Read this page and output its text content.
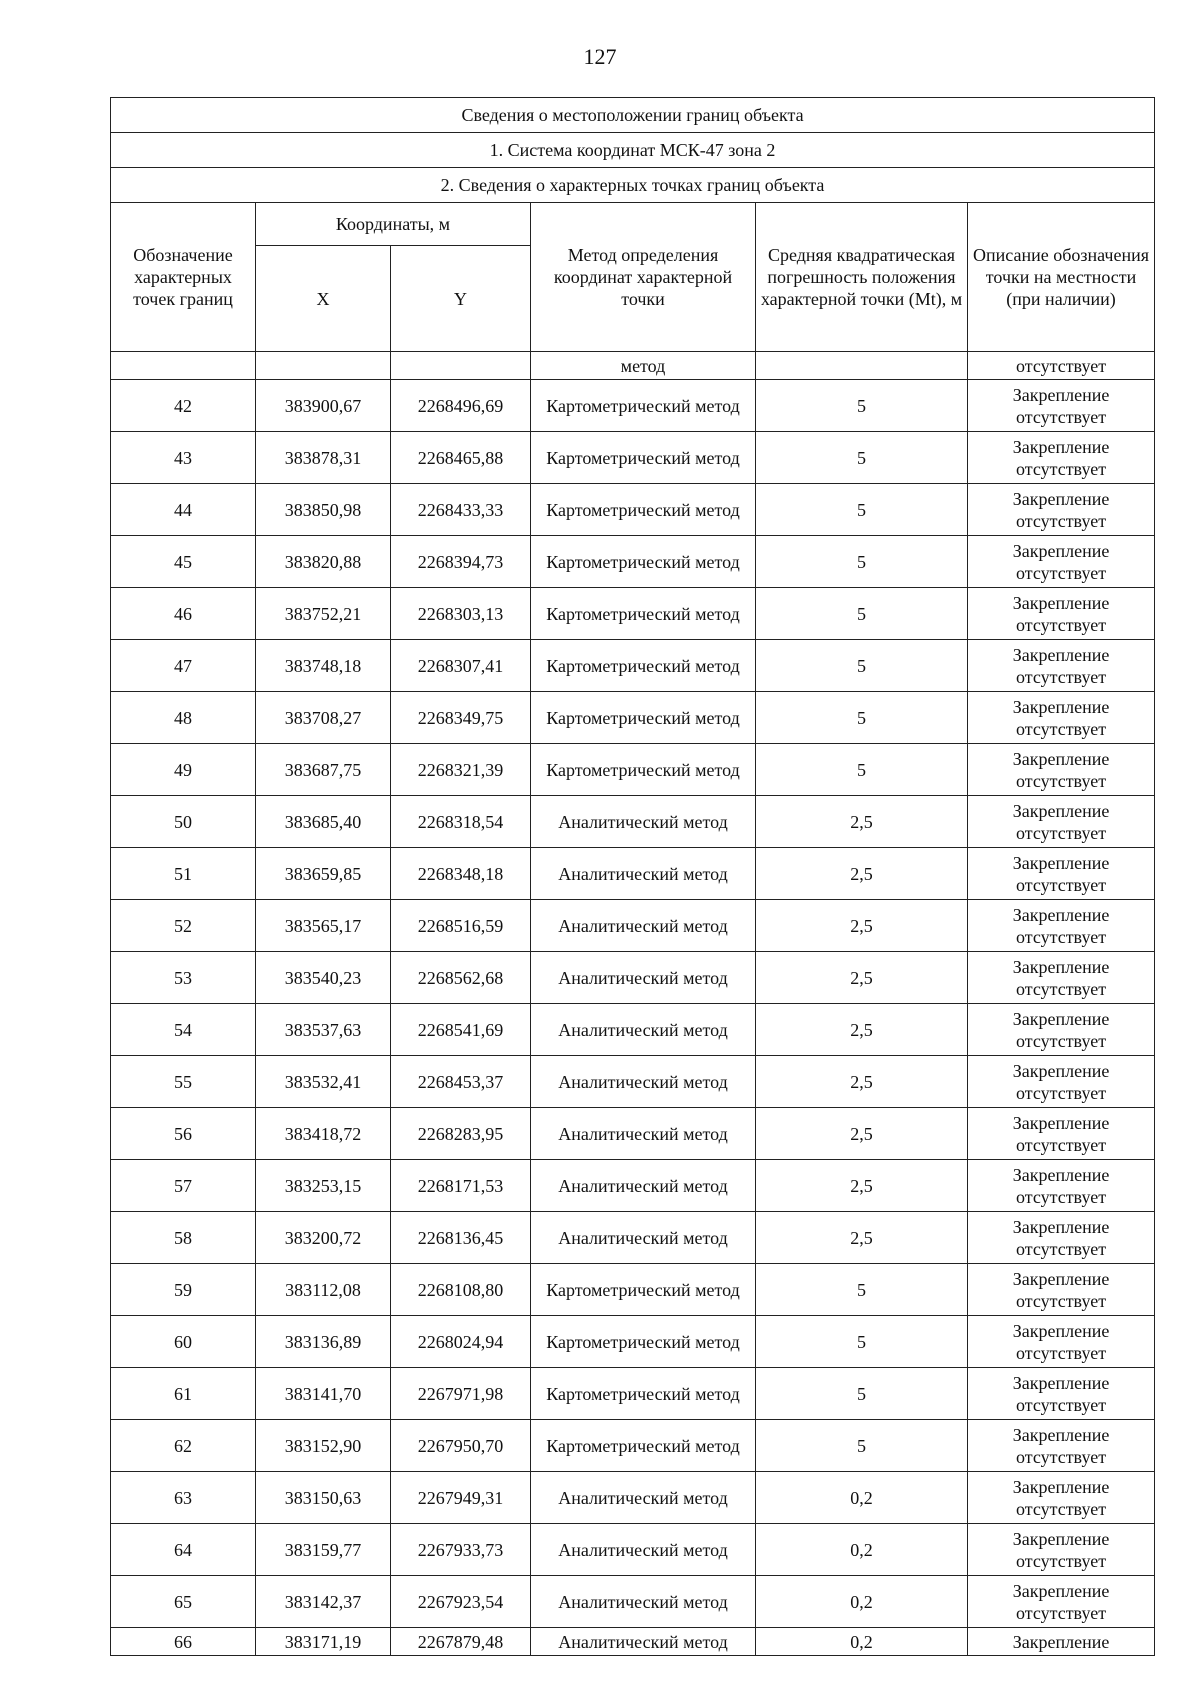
127
Сведения о местоположении границ объекта					
1. Система координат МСК-47 зона 2					
2. Сведения о характерных точках границ объекта					
Обозначение характерных точек границ	Координаты, м		Метод определения координат характерной точки	Средняя квадратическая погрешность положения характерной точки (Mt), м	Описание обозначения точки на местности (при наличии)
	X	Y			
			метод		отсутствует
42	383900,67	2268496,69	Картометрический метод	5	Закрепление отсутствует
43	383878,31	2268465,88	Картометрический метод	5	Закрепление отсутствует
44	383850,98	2268433,33	Картометрический метод	5	Закрепление отсутствует
45	383820,88	2268394,73	Картометрический метод	5	Закрепление отсутствует
46	383752,21	2268303,13	Картометрический метод	5	Закрепление отсутствует
47	383748,18	2268307,41	Картометрический метод	5	Закрепление отсутствует
48	383708,27	2268349,75	Картометрический метод	5	Закрепление отсутствует
49	383687,75	2268321,39	Картометрический метод	5	Закрепление отсутствует
50	383685,40	2268318,54	Аналитический метод	2,5	Закрепление отсутствует
51	383659,85	2268348,18	Аналитический метод	2,5	Закрепление отсутствует
52	383565,17	2268516,59	Аналитический метод	2,5	Закрепление отсутствует
53	383540,23	2268562,68	Аналитический метод	2,5	Закрепление отсутствует
54	383537,63	2268541,69	Аналитический метод	2,5	Закрепление отсутствует
55	383532,41	2268453,37	Аналитический метод	2,5	Закрепление отсутствует
56	383418,72	2268283,95	Аналитический метод	2,5	Закрепление отсутствует
57	383253,15	2268171,53	Аналитический метод	2,5	Закрепление отсутствует
58	383200,72	2268136,45	Аналитический метод	2,5	Закрепление отсутствует
59	383112,08	2268108,80	Картометрический метод	5	Закрепление отсутствует
60	383136,89	2268024,94	Картометрический метод	5	Закрепление отсутствует
61	383141,70	2267971,98	Картометрический метод	5	Закрепление отсутствует
62	383152,90	2267950,70	Картометрический метод	5	Закрепление отсутствует
63	383150,63	2267949,31	Аналитический метод	0,2	Закрепление отсутствует
64	383159,77	2267933,73	Аналитический метод	0,2	Закрепление отсутствует
65	383142,37	2267923,54	Аналитический метод	0,2	Закрепление отсутствует
66	383171,19	2267879,48	Аналитический метод	0,2	Закрепление
